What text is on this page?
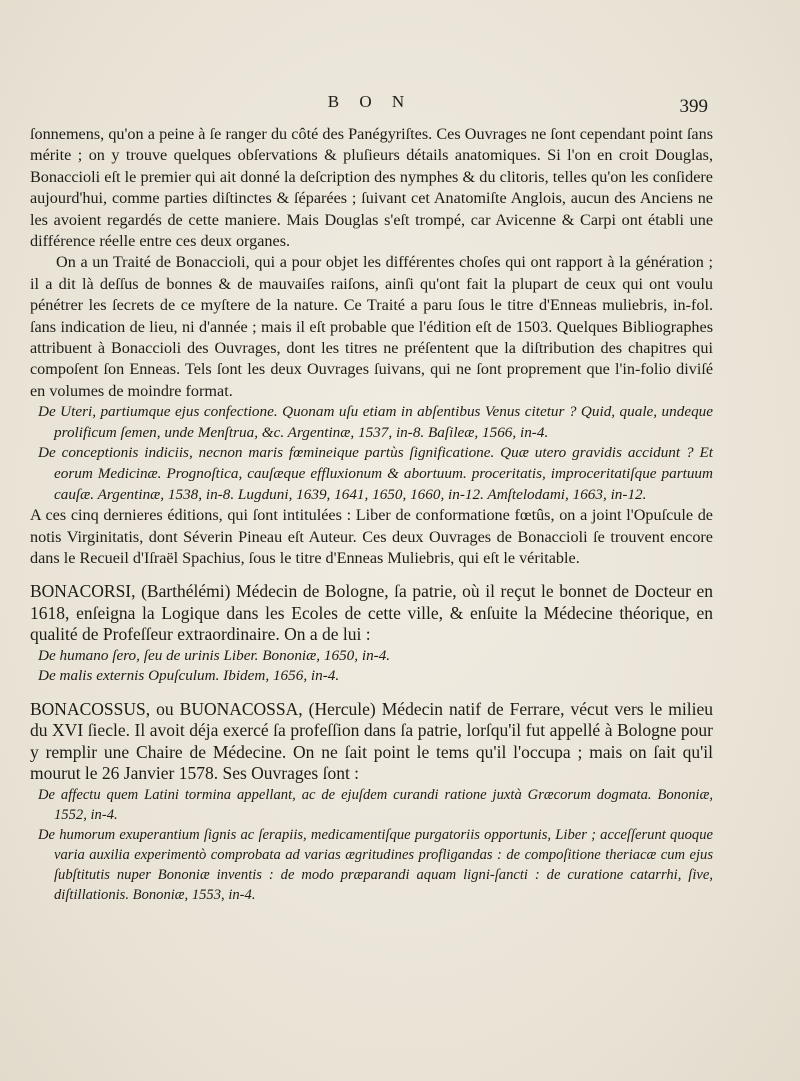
B O N	399

ſonnemens, qu'on a peine à ſe ranger du côté des Panégyriſtes. Ces Ouvrages ne ſont cependant point ſans mérite ; on y trouve quelques obſervations & pluſieurs détails anatomiques. Si l'on en croit Douglas, Bonaccioli eſt le premier qui ait donné la deſcription des nymphes & du clitoris, telles qu'on les conſidere aujourd'hui, comme parties diſtinctes & ſéparées ; ſuivant cet Anatomiſte Anglois, aucun des Anciens ne les avoient regardés de cette maniere. Mais Douglas s'eſt trompé, car Avicenne & Carpi ont établi une différence réelle entre ces deux organes.

On a un Traité de Bonaccioli, qui a pour objet les différentes choſes qui ont rapport à la génération ; il a dit là deſſus de bonnes & de mauvaiſes raiſons, ainſi qu'ont fait la plupart de ceux qui ont voulu pénétrer les ſecrets de ce myſtere de la nature. Ce Traité a paru ſous le titre d'Enneas muliebris, in-fol. ſans indication de lieu, ni d'année ; mais il eſt probable que l'édition eſt de 1503. Quelques Bibliographes attribuent à Bonaccioli des Ouvrages, dont les titres ne préſentent que la diſtribution des chapitres qui compoſent ſon Enneas. Tels ſont les deux Ouvrages ſuivans, qui ne ſont proprement que l'in-folio diviſé en volumes de moindre format.

De Uteri, partiumque ejus confectione. Quonam uſu etiam in abſentibus Venus citetur ? Quid, quale, undeque prolificum ſemen, unde Menſtrua, &c. Argentinæ, 1537, in-8. Baſileæ, 1566, in-4.

De conceptionis indiciis, necnon maris fœmineique partùs ſignificatione. Quæ utero gravidis accidunt ? Et eorum Medicinæ. Prognoſtica, cauſæque effluxionum & abortuum. proceritatis, improceritatiſque partuum cauſæ. Argentinæ, 1538, in-8. Lugduni, 1639, 1641, 1650, 1660, in-12. Amſtelodami, 1663, in-12.

A ces cinq dernieres éditions, qui ſont intitulées : Liber de conformatione fœtûs, on a joint l'Opuſcule de notis Virginitatis, dont Séverin Pineau eſt Auteur. Ces deux Ouvrages de Bonaccioli ſe trouvent encore dans le Recueil d'Iſraël Spachius, ſous le titre d'Enneas Muliebris, qui eſt le véritable.

BONACORSI, (Barthélémi) Médecin de Bologne, ſa patrie, où il reçut le bonnet de Docteur en 1618, enſeigna la Logique dans les Ecoles de cette ville, & enſuite la Médecine théorique, en qualité de Profeſſeur extraordinaire. On a de lui :

De humano ſero, ſeu de urinis Liber. Bononiæ, 1650, in-4.

De malis externis Opuſculum. Ibidem, 1656, in-4.

BONACOSSUS, ou BUONACOSSA, (Hercule) Médecin natif de Ferrare, vécut vers le milieu du XVI ſiecle. Il avoit déja exercé ſa profeſſion dans ſa patrie, lorſqu'il fut appellé à Bologne pour y remplir une Chaire de Médecine. On ne ſait point le tems qu'il l'occupa ; mais on ſait qu'il mourut le 26 Janvier 1578. Ses Ouvrages ſont :

De affectu quem Latini tormina appellant, ac de ejuſdem curandi ratione juxtà Græcorum dogmata. Bononiæ, 1552, in-4.

De humorum exuperantium ſignis ac ſerapiis, medicamentiſque purgatoriis opportunis, Liber ; acceſſerunt quoque varia auxilia experimentò comprobata ad varias ægritudines profligandas : de compoſitione theriacæ cum ejus ſubſtitutis nuper Bononiæ inventis : de modo præparandi aquam ligni-ſancti : de curatione catarrhi, ſive, diſtillationis. Bononiæ, 1553, in-4.
